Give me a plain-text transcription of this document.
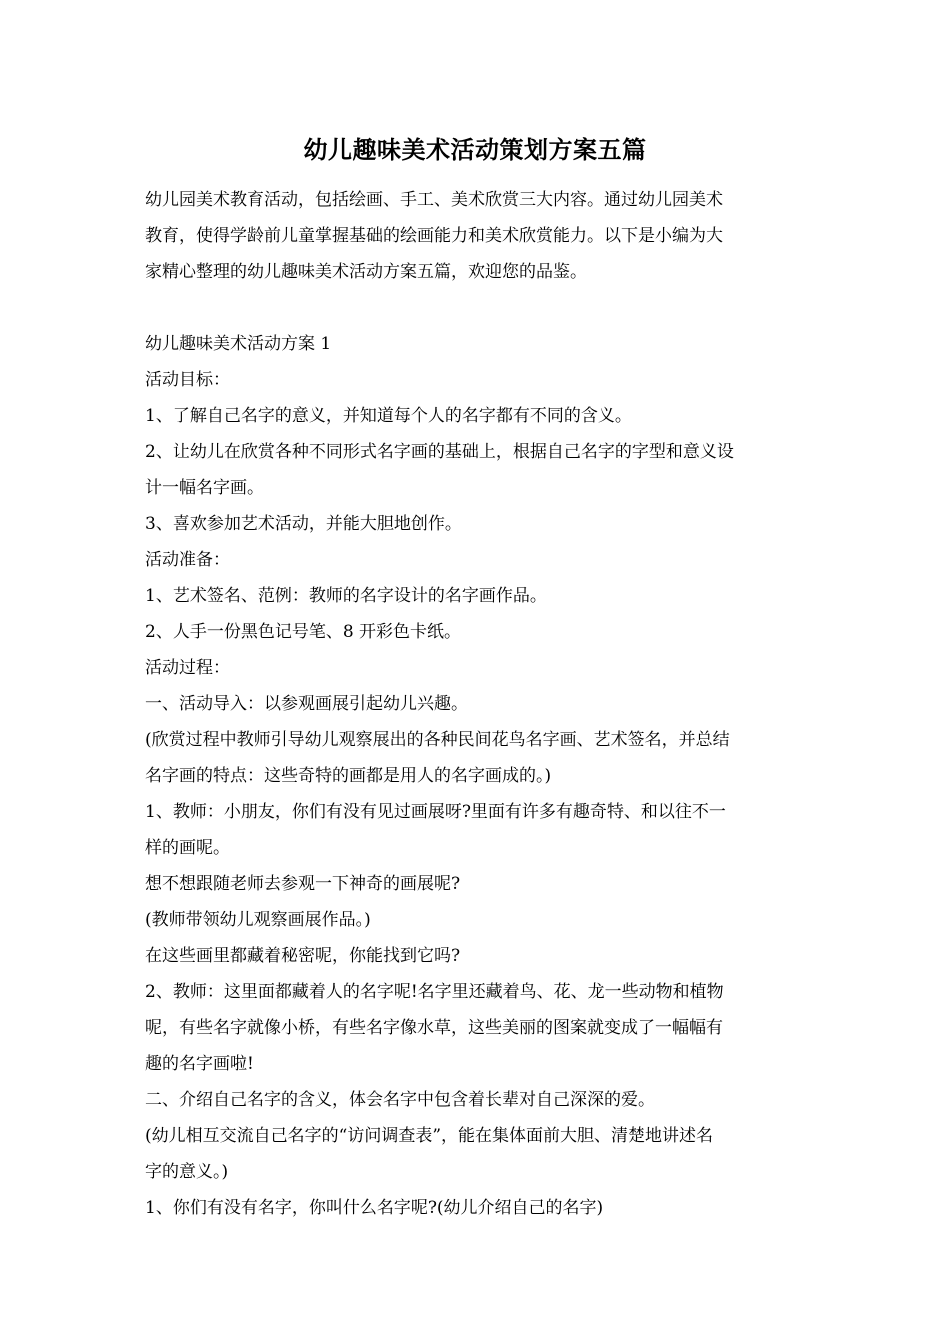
幼儿趣味美术活动策划方案五篇

幼儿园美术教育活动，包括绘画、手工、美术欣赏三大内容。通过幼儿园美术

教育，使得学龄前儿童掌握基础的绘画能力和美术欣赏能力。以下是小编为大

家精心整理的幼儿趣味美术活动方案五篇，欢迎您的品鉴。

幼儿趣味美术活动方案 1

活动目标：

1、了解自己名字的意义，并知道每个人的名字都有不同的含义。

2、让幼儿在欣赏各种不同形式名字画的基础上，根据自己名字的字型和意义设

计一幅名字画。

3、喜欢参加艺术活动，并能大胆地创作。

活动准备：

1、艺术签名、范例：教师的名字设计的名字画作品。

2、人手一份黑色记号笔、8 开彩色卡纸。

活动过程：

一、活动导入：以参观画展引起幼儿兴趣。

(欣赏过程中教师引导幼儿观察展出的各种民间花鸟名字画、艺术签名，并总结

名字画的特点：这些奇特的画都是用人的名字画成的。)

1、教师：小朋友，你们有没有见过画展呀?里面有许多有趣奇特、和以往不一

样的画呢。

想不想跟随老师去参观一下神奇的画展呢?

(教师带领幼儿观察画展作品。)

在这些画里都藏着秘密呢，你能找到它吗?

2、教师：这里面都藏着人的名字呢!名字里还藏着鸟、花、龙一些动物和植物

呢，有些名字就像小桥，有些名字像水草，这些美丽的图案就变成了一幅幅有

趣的名字画啦!

二、介绍自己名字的含义，体会名字中包含着长辈对自己深深的爱。

(幼儿相互交流自己名字的“访问调查表”，能在集体面前大胆、清楚地讲述名

字的意义。)

1、你们有没有名字，你叫什么名字呢?(幼儿介绍自己的名字)
